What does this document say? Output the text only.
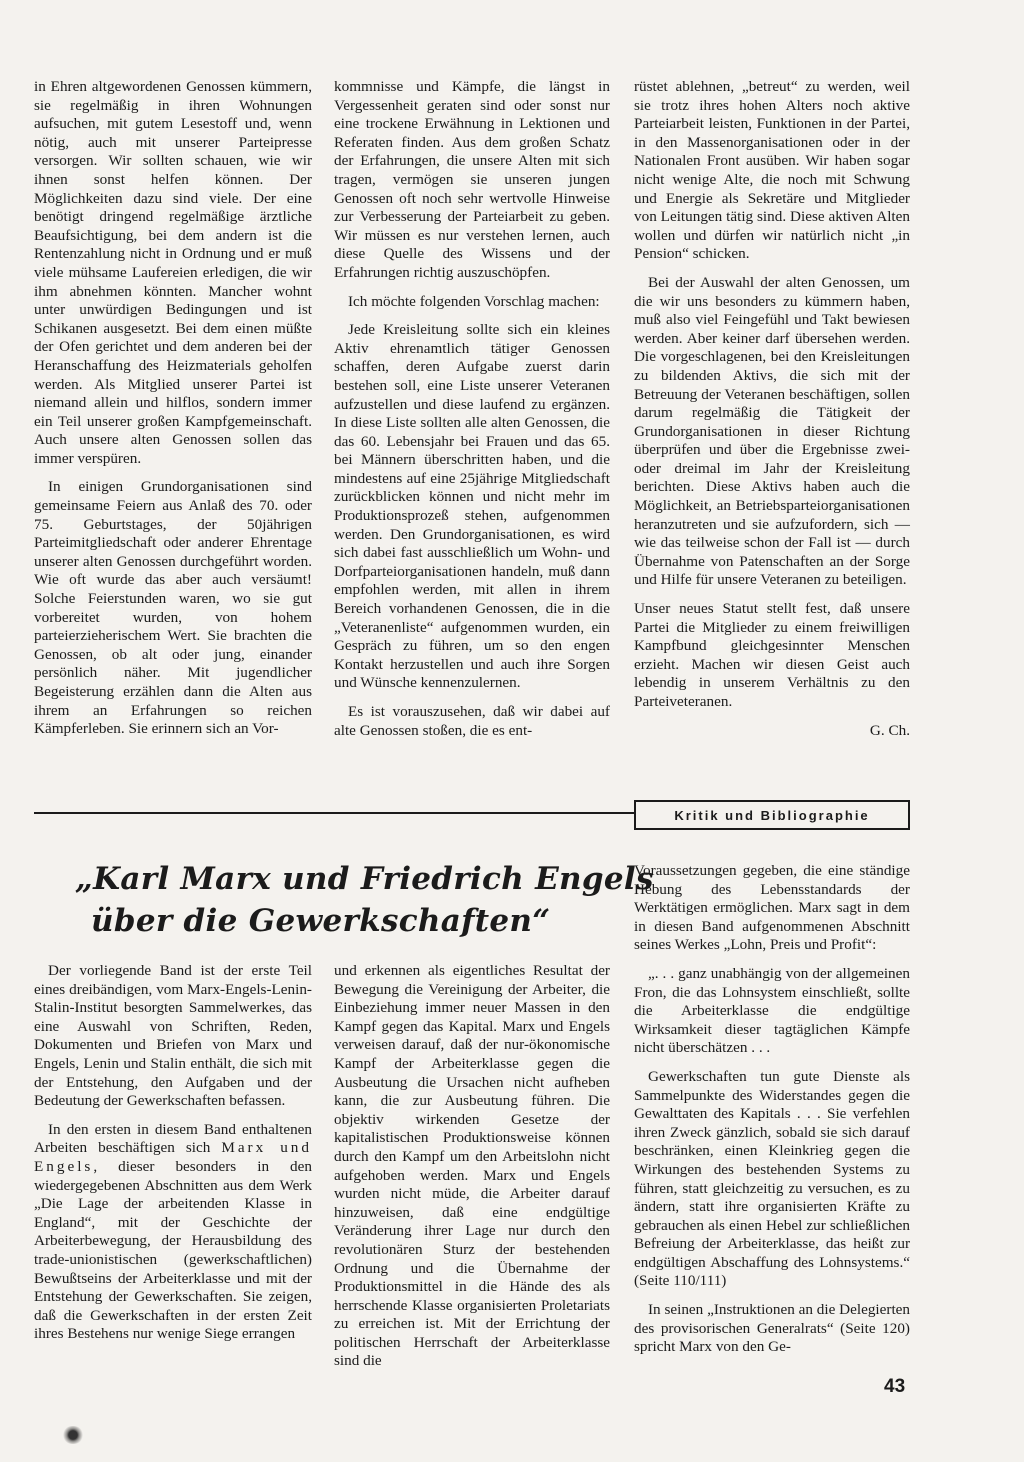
in Ehren altgewordenen Genossen kümmern, sie regelmäßig in ihren Wohnungen aufsuchen, mit gutem Lesestoff und, wenn nötig, auch mit unserer Parteipresse versorgen. Wir sollten schauen, wie wir ihnen sonst helfen können. Der Möglichkeiten dazu sind viele. Der eine benötigt dringend regelmäßige ärztliche Beaufsichtigung, bei dem andern ist die Rentenzahlung nicht in Ordnung und er muß viele mühsame Laufereien erledigen, die wir ihm abnehmen könnten. Mancher wohnt unter unwürdigen Bedingungen und ist Schikanen ausgesetzt. Bei dem einen müßte der Ofen gerichtet und dem anderen bei der Heranschaffung des Heizmaterials geholfen werden. Als Mitglied unserer Partei ist niemand allein und hilflos, sondern immer ein Teil unserer großen Kampfgemeinschaft. Auch unsere alten Genossen sollen das immer verspüren.

In einigen Grundorganisationen sind gemeinsame Feiern aus Anlaß des 70. oder 75. Geburtstages, der 50jährigen Parteimitgliedschaft oder anderer Ehrentage unserer alten Genossen durchgeführt worden. Wie oft wurde das aber auch versäumt! Solche Feierstunden waren, wo sie gut vorbereitet wurden, von hohem parteierzieherischem Wert. Sie brachten die Genossen, ob alt oder jung, einander persönlich näher. Mit jugendlicher Begeisterung erzählen dann die Alten aus ihrem an Erfahrungen so reichen Kämpferleben. Sie erinnern sich an Vor-

kommnisse und Kämpfe, die längst in Vergessenheit geraten sind oder sonst nur eine trockene Erwähnung in Lektionen und Referaten finden. Aus dem großen Schatz der Erfahrungen, die unsere Alten mit sich tragen, vermögen sie unseren jungen Genossen oft noch sehr wertvolle Hinweise zur Verbesserung der Parteiarbeit zu geben. Wir müssen es nur verstehen lernen, auch diese Quelle des Wissens und der Erfahrungen richtig auszuschöpfen.

Ich möchte folgenden Vorschlag machen:

Jede Kreisleitung sollte sich ein kleines Aktiv ehrenamtlich tätiger Genossen schaffen, deren Aufgabe zuerst darin bestehen soll, eine Liste unserer Veteranen aufzustellen und diese laufend zu ergänzen. In diese Liste sollten alle alten Genossen, die das 60. Lebensjahr bei Frauen und das 65. bei Männern überschritten haben, und die mindestens auf eine 25jährige Mitgliedschaft zurückblicken können und nicht mehr im Produktionsprozeß stehen, aufgenommen werden. Den Grundorganisationen, es wird sich dabei fast ausschließlich um Wohn- und Dorfparteiorganisationen handeln, muß dann empfohlen werden, mit allen in ihrem Bereich vorhandenen Genossen, die in die „Veteranenliste“ aufgenommen wurden, ein Gespräch zu führen, um so den engen Kontakt herzustellen und auch ihre Sorgen und Wünsche kennenzulernen.

Es ist vorauszusehen, daß wir dabei auf alte Genossen stoßen, die es ent-

rüstet ablehnen, „betreut“ zu werden, weil sie trotz ihres hohen Alters noch aktive Parteiarbeit leisten, Funktionen in der Partei, in den Massenorganisationen oder in der Nationalen Front ausüben. Wir haben sogar nicht wenige Alte, die noch mit Schwung und Energie als Sekretäre und Mitglieder von Leitungen tätig sind. Diese aktiven Alten wollen und dürfen wir natürlich nicht „in Pension“ schicken.

Bei der Auswahl der alten Genossen, um die wir uns besonders zu kümmern haben, muß also viel Feingefühl und Takt bewiesen werden. Aber keiner darf übersehen werden. Die vorgeschlagenen, bei den Kreisleitungen zu bildenden Aktivs, die sich mit der Betreuung der Veteranen beschäftigen, sollen darum regelmäßig die Tätigkeit der Grundorganisationen in dieser Richtung überprüfen und über die Ergebnisse zwei- oder dreimal im Jahr der Kreisleitung berichten. Diese Aktivs haben auch die Möglichkeit, an Betriebsparteiorganisationen heranzutreten und sie aufzufordern, sich — wie das teilweise schon der Fall ist — durch Übernahme von Patenschaften an der Sorge und Hilfe für unsere Veteranen zu beteiligen.

Unser neues Statut stellt fest, daß unsere Partei die Mitglieder zu einem freiwilligen Kampfbund gleichgesinnter Menschen erzieht. Machen wir diesen Geist auch lebendig in unserem Verhältnis zu den Parteiveteranen.

G. Ch.

Kritik und Bibliographie
„Karl Marx und Friedrich Engels
über die Gewerkschaften“

Der vorliegende Band ist der erste Teil eines dreibändigen, vom Marx-Engels-Lenin-Stalin-Institut besorgten Sammelwerkes, das eine Auswahl von Schriften, Reden, Dokumenten und Briefen von Marx und Engels, Lenin und Stalin enthält, die sich mit der Entstehung, den Aufgaben und der Bedeutung der Gewerkschaften befassen.

In den ersten in diesem Band enthaltenen Arbeiten beschäftigen sich Marx und Engels, dieser besonders in den wiedergegebenen Abschnitten aus dem Werk „Die Lage der arbeitenden Klasse in England“, mit der Geschichte der Arbeiterbewegung, der Herausbildung des trade-unionistischen (gewerkschaftlichen) Bewußtseins der Arbeiterklasse und mit der Entstehung der Gewerkschaften. Sie zeigen, daß die Gewerkschaften in der ersten Zeit ihres Bestehens nur wenige Siege errangen

und erkennen als eigentliches Resultat der Bewegung die Vereinigung der Arbeiter, die Einbeziehung immer neuer Massen in den Kampf gegen das Kapital. Marx und Engels verweisen darauf, daß der nur-ökonomische Kampf der Arbeiterklasse gegen die Ausbeutung die Ursachen nicht aufheben kann, die zur Ausbeutung führen. Die objektiv wirkenden Gesetze der kapitalistischen Produktionsweise können durch den Kampf um den Arbeitslohn nicht aufgehoben werden. Marx und Engels wurden nicht müde, die Arbeiter darauf hinzuweisen, daß eine endgültige Veränderung ihrer Lage nur durch den revolutionären Sturz der bestehenden Ordnung und die Übernahme der Produktionsmittel in die Hände des als herrschende Klasse organisierten Proletariats zu erreichen ist. Mit der Errichtung der politischen Herrschaft der Arbeiterklasse sind die

Voraussetzungen gegeben, die eine ständige Hebung des Lebensstandards der Werktätigen ermöglichen. Marx sagt in dem in diesen Band aufgenommenen Abschnitt seines Werkes „Lohn, Preis und Profit“:

„. . . ganz unabhängig von der allgemeinen Fron, die das Lohnsystem einschließt, sollte die Arbeiterklasse die endgültige Wirksamkeit dieser tagtäglichen Kämpfe nicht überschätzen . . .

Gewerkschaften tun gute Dienste als Sammelpunkte des Widerstandes gegen die Gewalttaten des Kapitals . . . Sie verfehlen ihren Zweck gänzlich, sobald sie sich darauf beschränken, einen Kleinkrieg gegen die Wirkungen des bestehenden Systems zu führen, statt gleichzeitig zu versuchen, es zu ändern, statt ihre organisierten Kräfte zu gebrauchen als einen Hebel zur schließlichen Befreiung der Arbeiterklasse, das heißt zur endgültigen Abschaffung des Lohnsystems.“ (Seite 110/111)

In seinen „Instruktionen an die Delegierten des provisorischen Generalrats“ (Seite 120) spricht Marx von den Ge-

43
